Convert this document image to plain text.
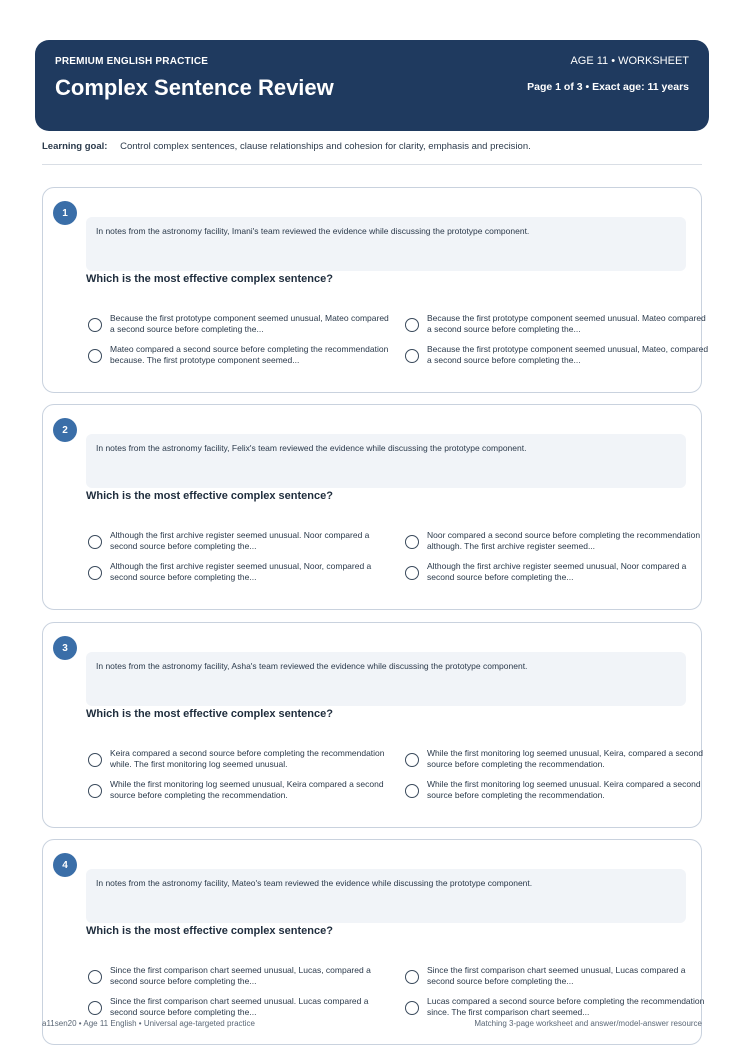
PREMIUM ENGLISH PRACTICE
Complex Sentence Review
AGE 11 • WORKSHEET
Page 1 of 3 • Exact age: 11 years
Learning goal: Control complex sentences, clause relationships and cohesion for clarity, emphasis and precision.
1
In notes from the astronomy facility, Imani's team reviewed the evidence while discussing the prototype component.
Which is the most effective complex sentence?
Because the first prototype component seemed unusual, Mateo compared a second source before completing the...
Because the first prototype component seemed unusual. Mateo compared a second source before completing the...
Mateo compared a second source before completing the recommendation because. The first prototype component seemed...
Because the first prototype component seemed unusual, Mateo, compared a second source before completing the...
2
In notes from the astronomy facility, Felix's team reviewed the evidence while discussing the prototype component.
Which is the most effective complex sentence?
Although the first archive register seemed unusual. Noor compared a second source before completing the...
Noor compared a second source before completing the recommendation although. The first archive register seemed...
Although the first archive register seemed unusual, Noor, compared a second source before completing the...
Although the first archive register seemed unusual, Noor compared a second source before completing the...
3
In notes from the astronomy facility, Asha's team reviewed the evidence while discussing the prototype component.
Which is the most effective complex sentence?
Keira compared a second source before completing the recommendation while. The first monitoring log seemed unusual.
While the first monitoring log seemed unusual, Keira, compared a second source before completing the recommendation.
While the first monitoring log seemed unusual, Keira compared a second source before completing the recommendation.
While the first monitoring log seemed unusual. Keira compared a second source before completing the recommendation.
4
In notes from the astronomy facility, Mateo's team reviewed the evidence while discussing the prototype component.
Which is the most effective complex sentence?
Since the first comparison chart seemed unusual, Lucas, compared a second source before completing the...
Since the first comparison chart seemed unusual, Lucas compared a second source before completing the...
Since the first comparison chart seemed unusual. Lucas compared a second source before completing the...
Lucas compared a second source before completing the recommendation since. The first comparison chart seemed...
a11sen20 • Age 11 English • Universal age-targeted practice	Matching 3-page worksheet and answer/model-answer resource
